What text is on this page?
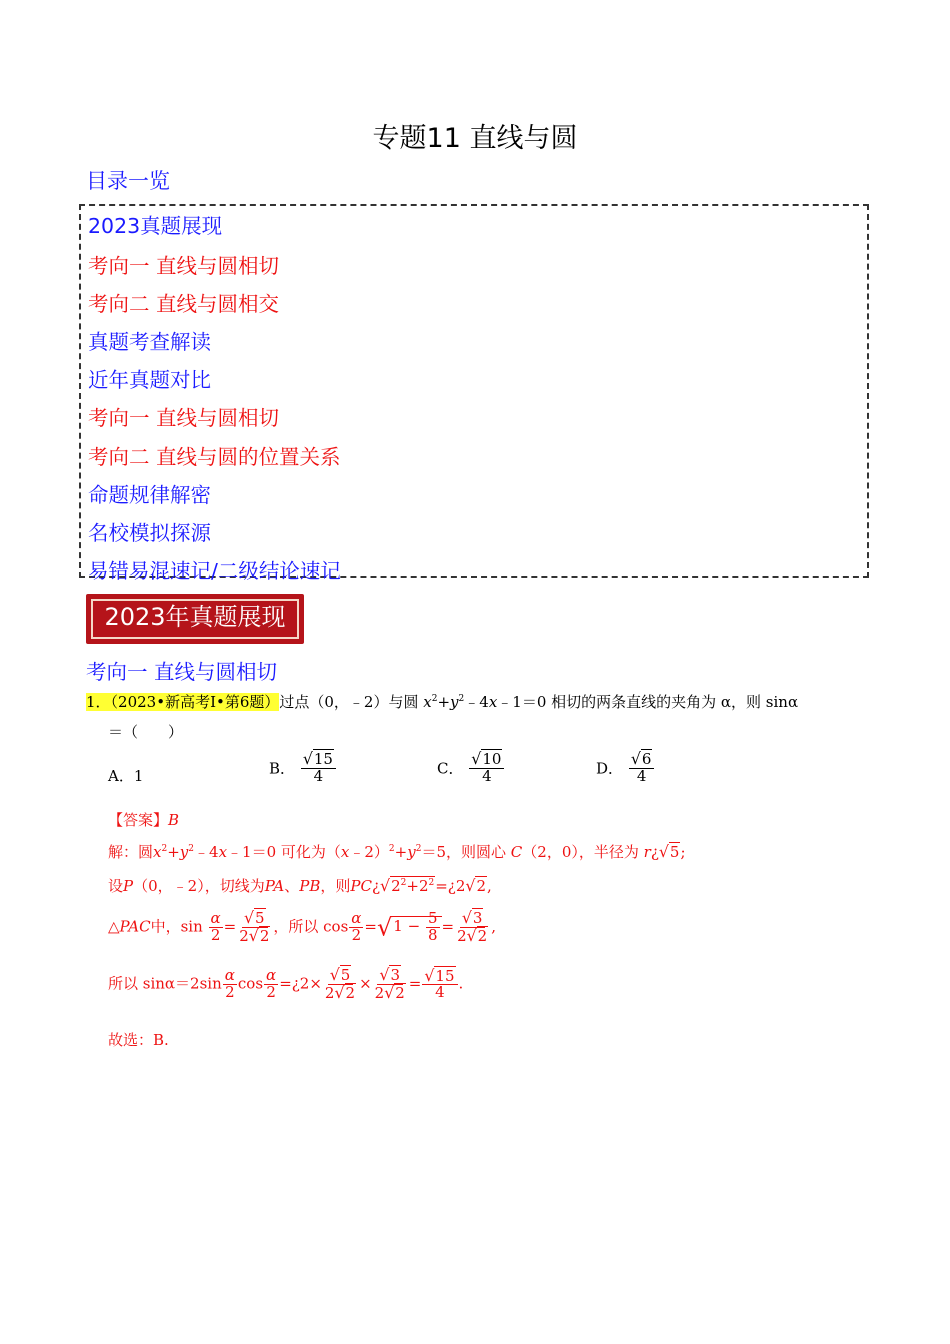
专题11 直线与圆
目录一览
2023真题展现
考向一 直线与圆相切
考向二 直线与圆相交
真题考查解读
近年真题对比
考向一 直线与圆相切
考向二 直线与圆的位置关系
命题规律解密
名校模拟探源
易错易混速记/二级结论速记
2023年真题展现
考向一 直线与圆相切
1．（2023•新高考Ⅰ•第6题）过点（0，﹣2）与圆 $x^2+y^2﹣4x﹣1=0$ 相切的两条直线的夹角为 α，则 sinα
＝（　　）
A．1	B． $\frac{√15}{4}$	C． $\frac{√10}{4}$	D． $\frac{√6}{4}$
【答案】B
解：圆$x^2+y^2﹣4x﹣1=0$ 可化为$(x﹣2)^2+y^2=5$，则圆心 C（2，0），半径为 r¿√5;
设P（0，﹣2），切线为PA、PB，则$PC¿√2^2+2^2=¿2√2$,
△PAC中，$\sin \frac{\alpha}{2} = \frac{√5}{2√2}$ ，所以 $\cos \frac{\alpha}{2} =√1 - \frac{5}{8} = \frac{√3}{2√2}$ ,
所以 $\sin\alpha=2\sin \frac{\alpha}{2}$ $\cos \frac{\alpha}{2}$ =¿2× $\frac{√5}{2√2} \times \frac{√3}{2√2} = \frac{√15}{4}$ .
故选：B.
